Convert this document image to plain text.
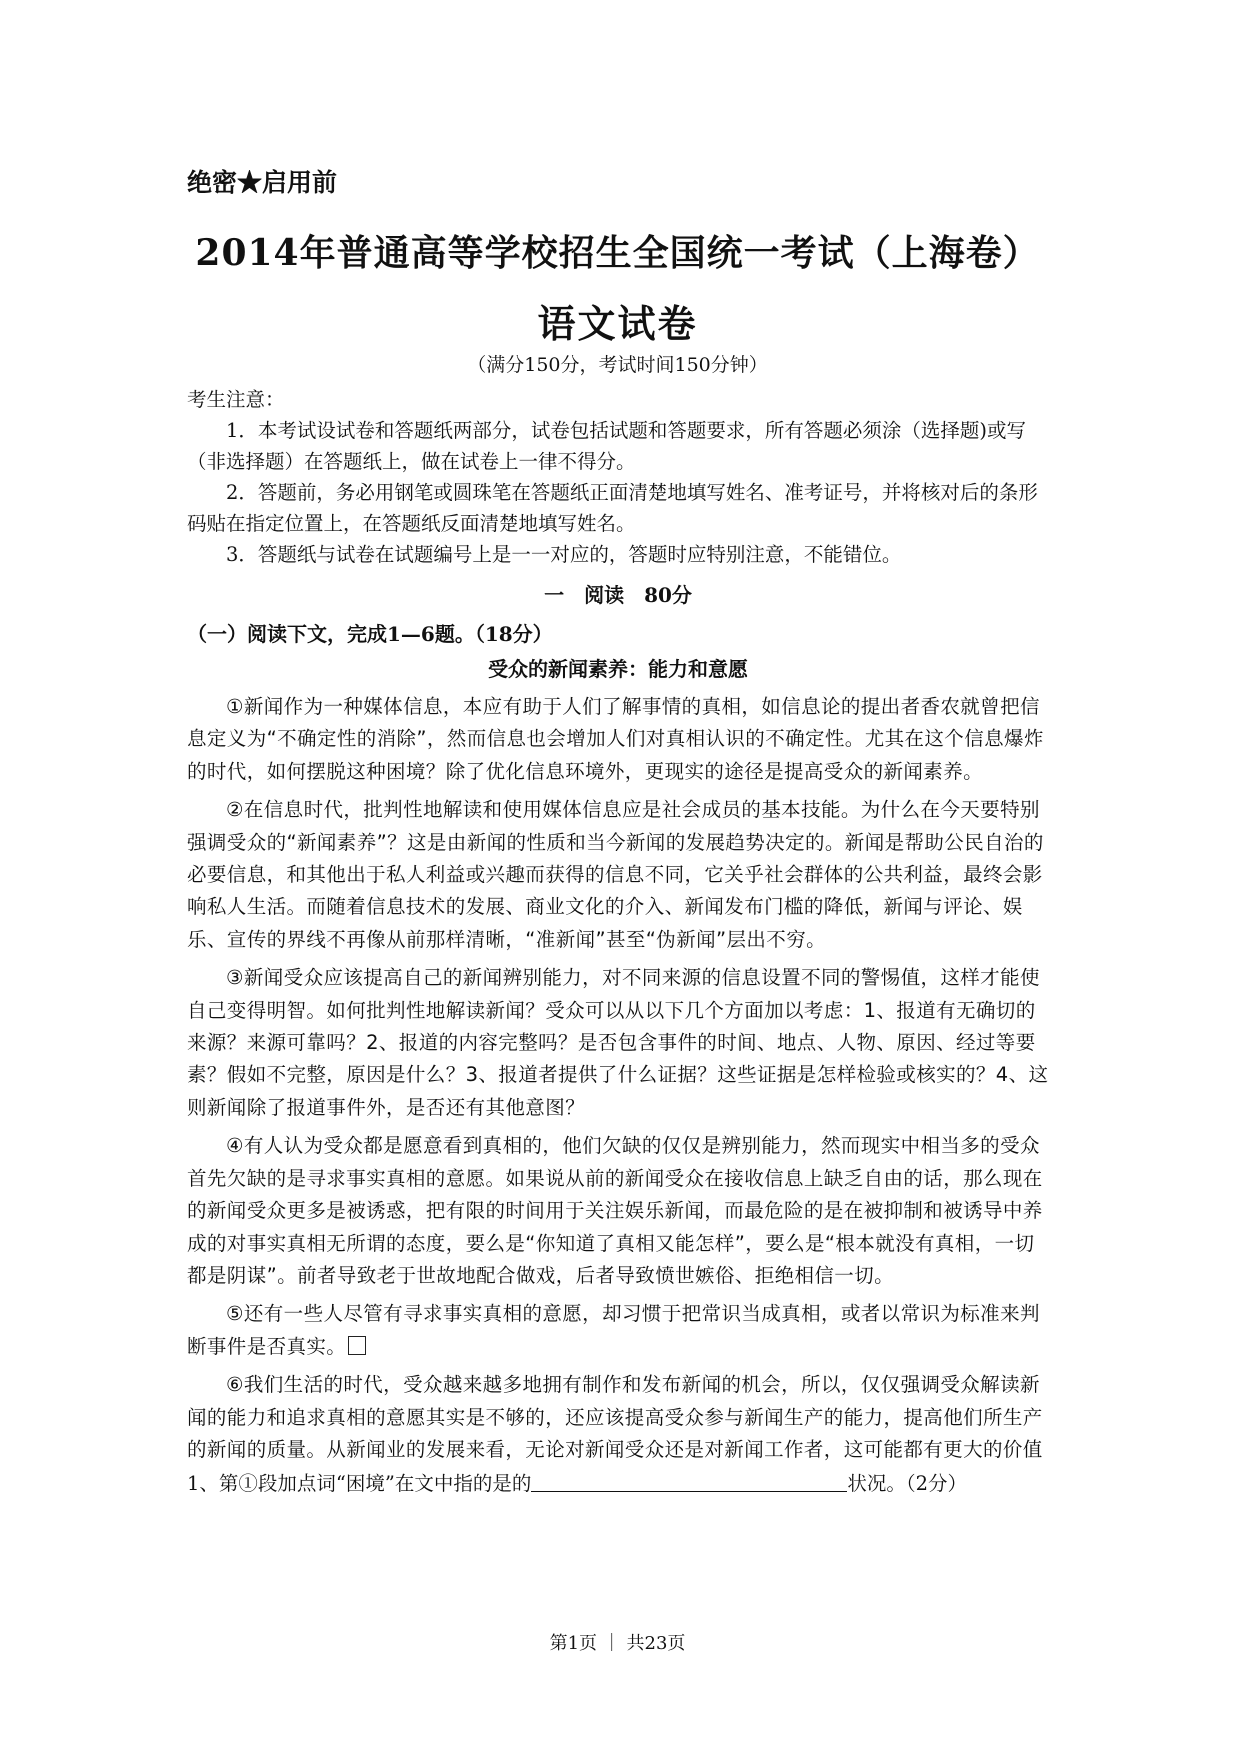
绝密★启用前
2014年普通高等学校招生全国统一考试（上海卷）
语文试卷
（满分150分，考试时间150分钟）

考生注意：

1．本考试设试卷和答题纸两部分，试卷包括试题和答题要求，所有答题必须涂（选择题)或写（非选择题）在答题纸上，做在试卷上一律不得分。

2．答题前，务必用钢笔或圆珠笔在答题纸正面清楚地填写姓名、准考证号，并将核对后的条形码贴在指定位置上，在答题纸反面清楚地填写姓名。

3．答题纸与试卷在试题编号上是一一对应的，答题时应特别注意，不能错位。

一　阅读　80分

（一）阅读下文，完成1—6题。（18分）

受众的新闻素养：能力和意愿

①新闻作为一种媒体信息，本应有助于人们了解事情的真相，如信息论的提出者香农就曾把信息定义为“不确定性的消除”，然而信息也会增加人们对真相认识的不确定性。尤其在这个信息爆炸的时代，如何摆脱这种困境？除了优化信息环境外，更现实的途径是提高受众的新闻素养。

②在信息时代，批判性地解读和使用媒体信息应是社会成员的基本技能。为什么在今天要特别强调受众的“新闻素养”？这是由新闻的性质和当今新闻的发展趋势决定的。新闻是帮助公民自治的必要信息，和其他出于私人利益或兴趣而获得的信息不同，它关乎社会群体的公共利益，最终会影响私人生活。而随着信息技术的发展、商业文化的介入、新闻发布门槛的降低，新闻与评论、娱乐、宣传的界线不再像从前那样清晰，“准新闻”甚至“伪新闻”层出不穷。

③新闻受众应该提高自己的新闻辨别能力，对不同来源的信息设置不同的警惕值，这样才能使自己变得明智。如何批判性地解读新闻？受众可以从以下几个方面加以考虑：1、报道有无确切的来源？来源可靠吗？2、报道的内容完整吗？是否包含事件的时间、地点、人物、原因、经过等要素？假如不完整，原因是什么？3、报道者提供了什么证据？这些证据是怎样检验或核实的？4、这则新闻除了报道事件外，是否还有其他意图？

④有人认为受众都是愿意看到真相的，他们欠缺的仅仅是辨别能力，然而现实中相当多的受众首先欠缺的是寻求事实真相的意愿。如果说从前的新闻受众在接收信息上缺乏自由的话，那么现在的新闻受众更多是被诱惑，把有限的时间用于关注娱乐新闻，而最危险的是在被抑制和被诱导中养成的对事实真相无所谓的态度，要么是“你知道了真相又能怎样”，要么是“根本就没有真相，一切都是阴谋”。前者导致老于世故地配合做戏，后者导致愤世嫉俗、拒绝相信一切。

⑤还有一些人尽管有寻求事实真相的意愿，却习惯于把常识当成真相，或者以常识为标准来判断事件是否真实。

⑥我们生活的时代，受众越来越多地拥有制作和发布新闻的机会，所以，仅仅强调受众解读新闻的能力和追求真相的意愿其实是不够的，还应该提高受众参与新闻生产的能力，提高他们所生产的新闻的质量。从新闻业的发展来看，无论对新闻受众还是对新闻工作者，这可能都有更大的价值

1、第①段加点词“困境”在文中指的是的	状况。（2分）

第1页 ｜ 共23页
